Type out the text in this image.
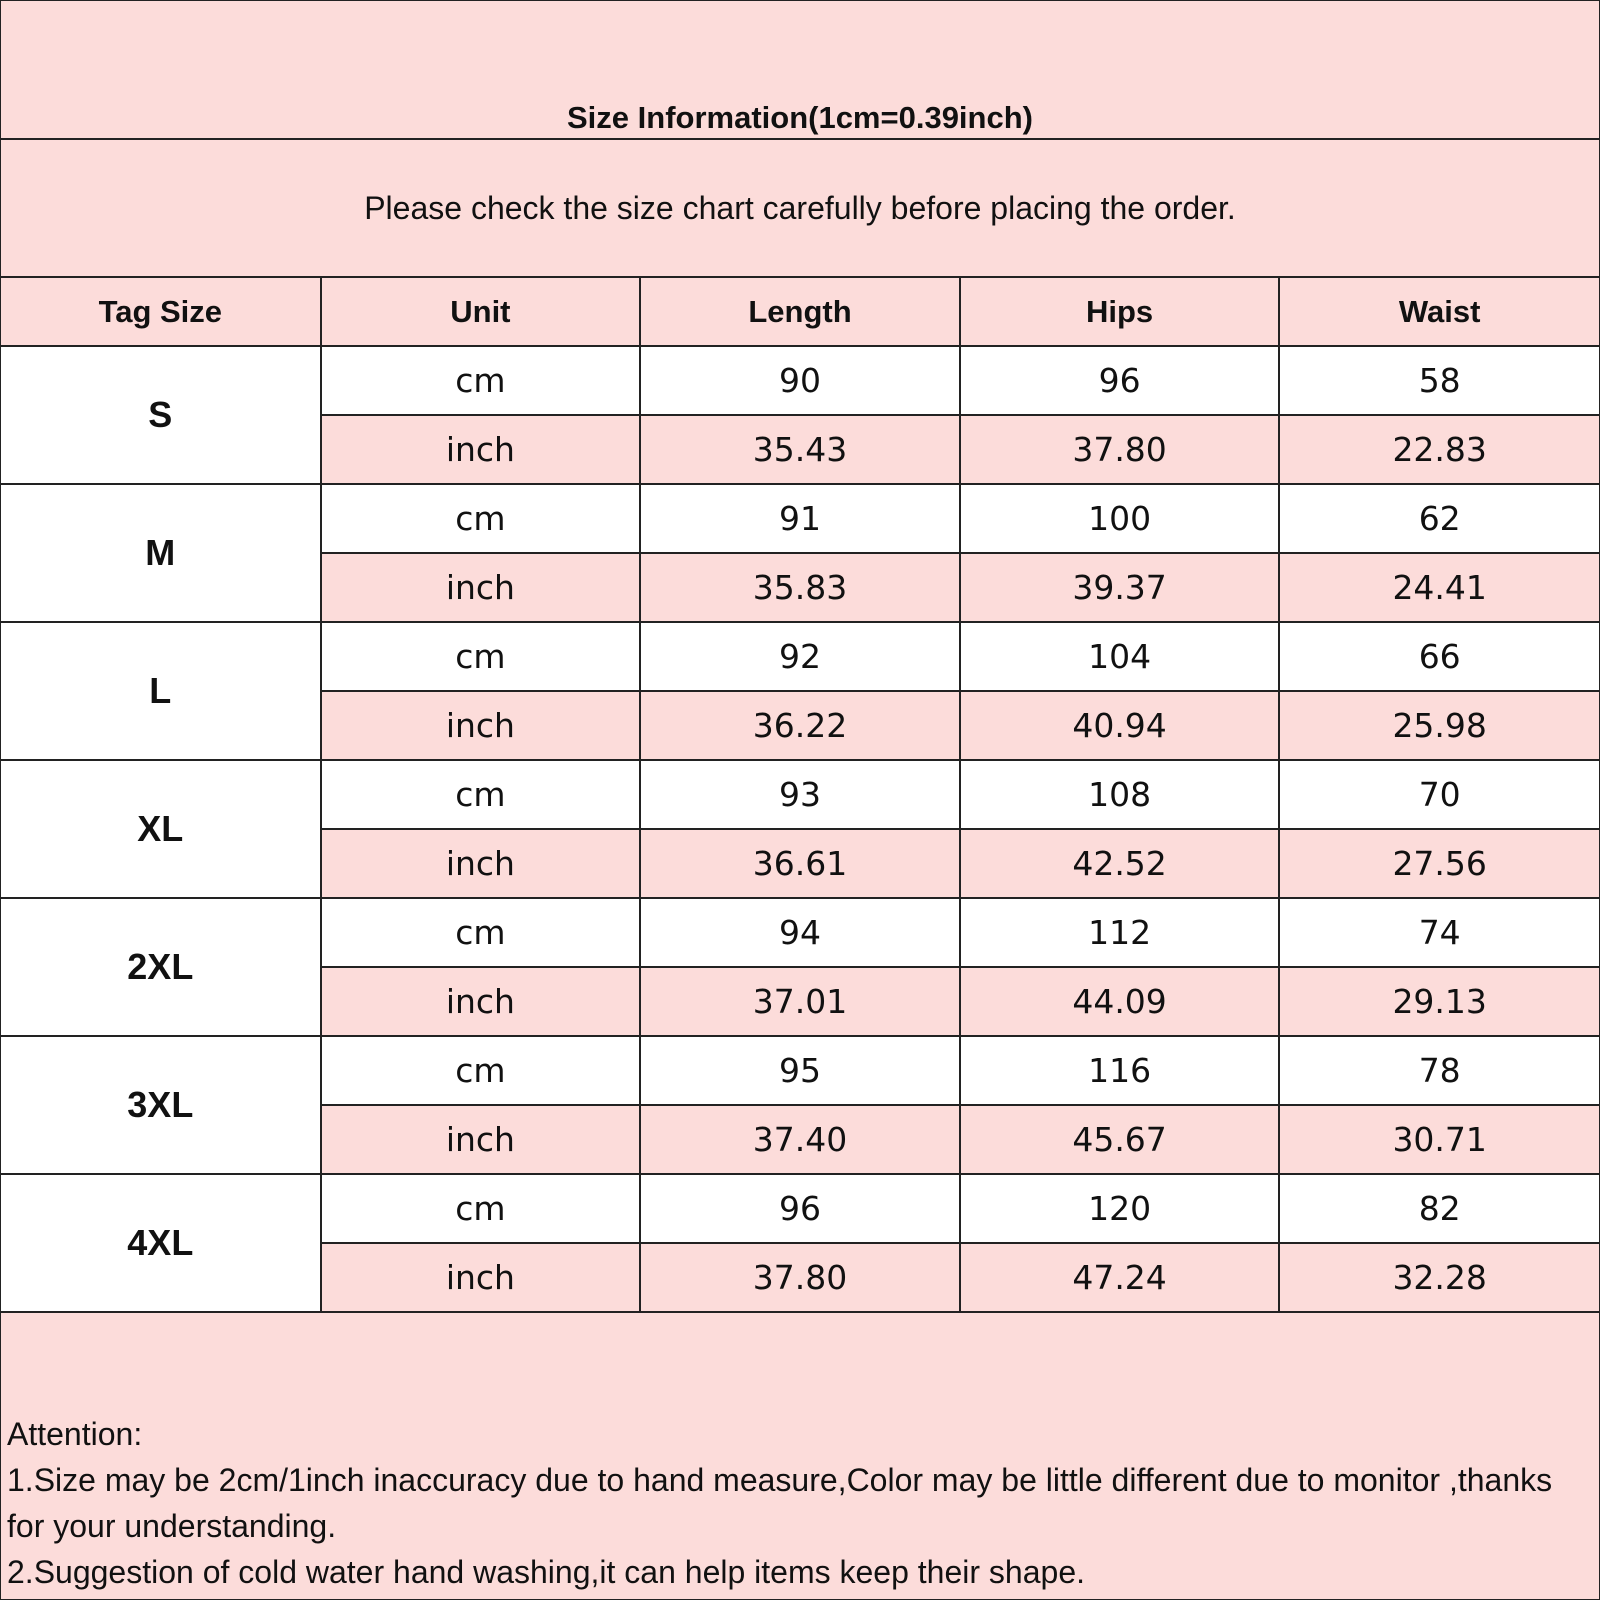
Size Information(1cm=0.39inch)
Please check the size chart carefully before placing the order.
Tag Size	Unit	Length	Hips	Waist
S	cm	90	96	58
	inch	35.43	37.80	22.83
M	cm	91	100	62
	inch	35.83	39.37	24.41
L	cm	92	104	66
	inch	36.22	40.94	25.98
XL	cm	93	108	70
	inch	36.61	42.52	27.56
2XL	cm	94	112	74
	inch	37.01	44.09	29.13
3XL	cm	95	116	78
	inch	37.40	45.67	30.71
4XL	cm	96	120	82
	inch	37.80	47.24	32.28

Attention:

1.Size may be 2cm/1inch inaccuracy due to hand measure,Color may be little different due to monitor ,thanks for your understanding.

2.Suggestion of cold water hand washing,it can help items keep their shape.
